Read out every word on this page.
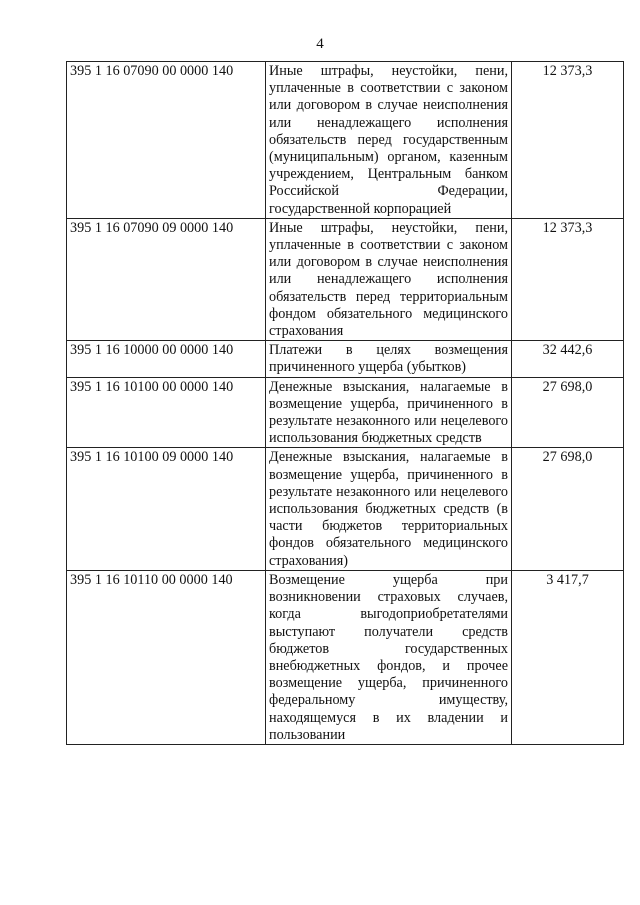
4
395 1 16 07090 00 0000 140	Иные штрафы, неустойки, пени, уплаченные в соответствии с законом или договором в случае неисполнения или ненадлежащего исполнения обязательств перед государственным (муниципальным) органом, казенным учреждением, Центральным банком Российской Федерации, государственной корпорацией	12 373,3
395 1 16 07090 09 0000 140	Иные штрафы, неустойки, пени, уплаченные в соответствии с законом или договором в случае неисполнения или ненадлежащего исполнения обязательств перед территориальным фондом обязательного медицинского страхования	12 373,3
395 1 16 10000 00 0000 140	Платежи в целях возмещения причиненного ущерба (убытков)	32 442,6
395 1 16 10100 00 0000 140	Денежные взыскания, налагаемые в возмещение ущерба, причиненного в результате незаконного или нецелевого использования бюджетных средств	27 698,0
395 1 16 10100 09 0000 140	Денежные взыскания, налагаемые в возмещение ущерба, причиненного в результате незаконного или нецелевого использования бюджетных средств (в части бюджетов территориальных фондов обязательного медицинского страхования)	27 698,0
395 1 16 10110 00 0000 140	Возмещение ущерба при возникновении страховых случаев, когда выгодоприобретателями выступают получатели средств бюджетов государственных внебюджетных фондов, и прочее возмещение ущерба, причиненного федеральному имуществу, находящемуся в их владении и пользовании	3 417,7
